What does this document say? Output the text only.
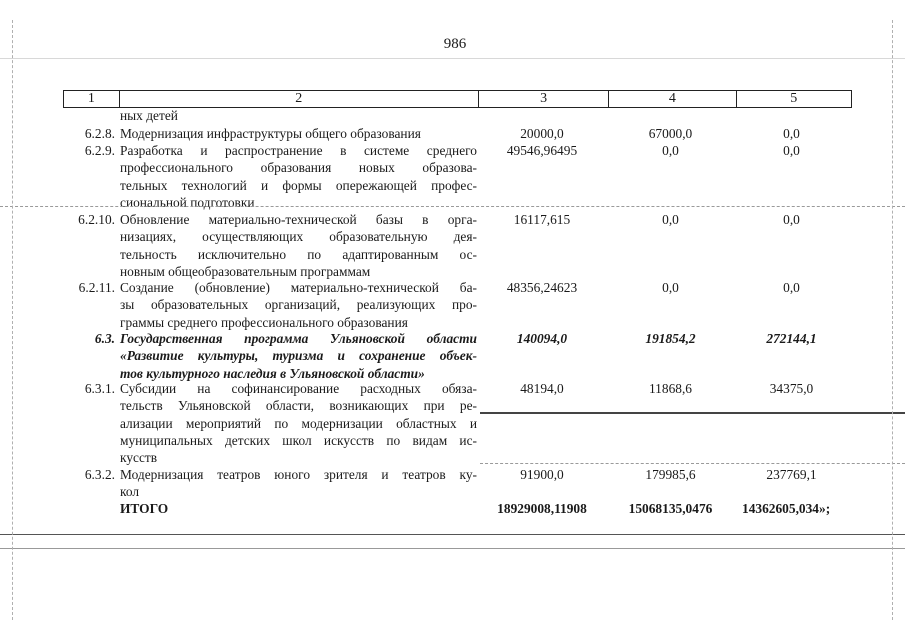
986
1	2	3	4	5
ных детей
6.2.8. Модернизация инфраструктуры общего образования	20000,0	67000,0	0,0
6.2.9. Разработка и распространение в системе среднего
профессионального образования новых образова-
тельных технологий и формы опережающей профес-
сиональной подготовки
49546,96495	0,0	0,0
6.2.10. Обновление материально-технической базы в орга-
низациях, осуществляющих образовательную дея-
тельность исключительно по адаптированным ос-
новным общеобразовательным программам
16117,615	0,0	0,0
6.2.11. Создание (обновление) материально-технической ба-
зы образовательных организаций, реализующих про-
граммы среднего профессионального образования
48356,24623	0,0	0,0
6.3. Государственная программа Ульяновской области
«Развитие культуры, туризма и сохранение объек-
тов культурного наследия в Ульяновской области»
140094,0	191854,2	272144,1
6.3.1. Субсидии на софинансирование расходных обяза-
тельств Ульяновской области, возникающих при ре-
ализации мероприятий по модернизации областных и
муниципальных детских школ искусств по видам ис-
кусств
48194,0	11868,6	34375,0
6.3.2. Модернизация театров юного зрителя и театров ку-
кол
91900,0	179985,6	237769,1
ИТОГО	18929008,11908	15068135,0476	14362605,034»;
